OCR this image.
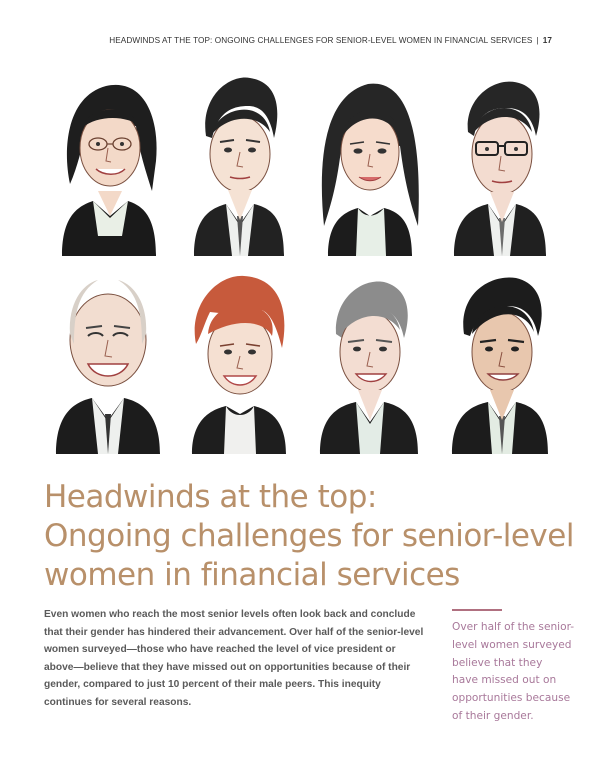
HEADWINDS AT THE TOP: ONGOING CHALLENGES FOR SENIOR-LEVEL WOMEN IN FINANCIAL SERVICES | 17
Headwinds at the top:
Ongoing challenges for senior-level
women in financial services

Even women who reach the most senior levels often look back and conclude that their gender has hindered their advancement. Over half of the senior-level women surveyed—those who have reached the level of vice president or above—believe that they have missed out on opportunities because of their gender, compared to just 10 percent of their male peers. This inequity continues for several reasons.

Over half of the senior-
level women surveyed
believe that they
have missed out on
opportunities because
of their gender.
